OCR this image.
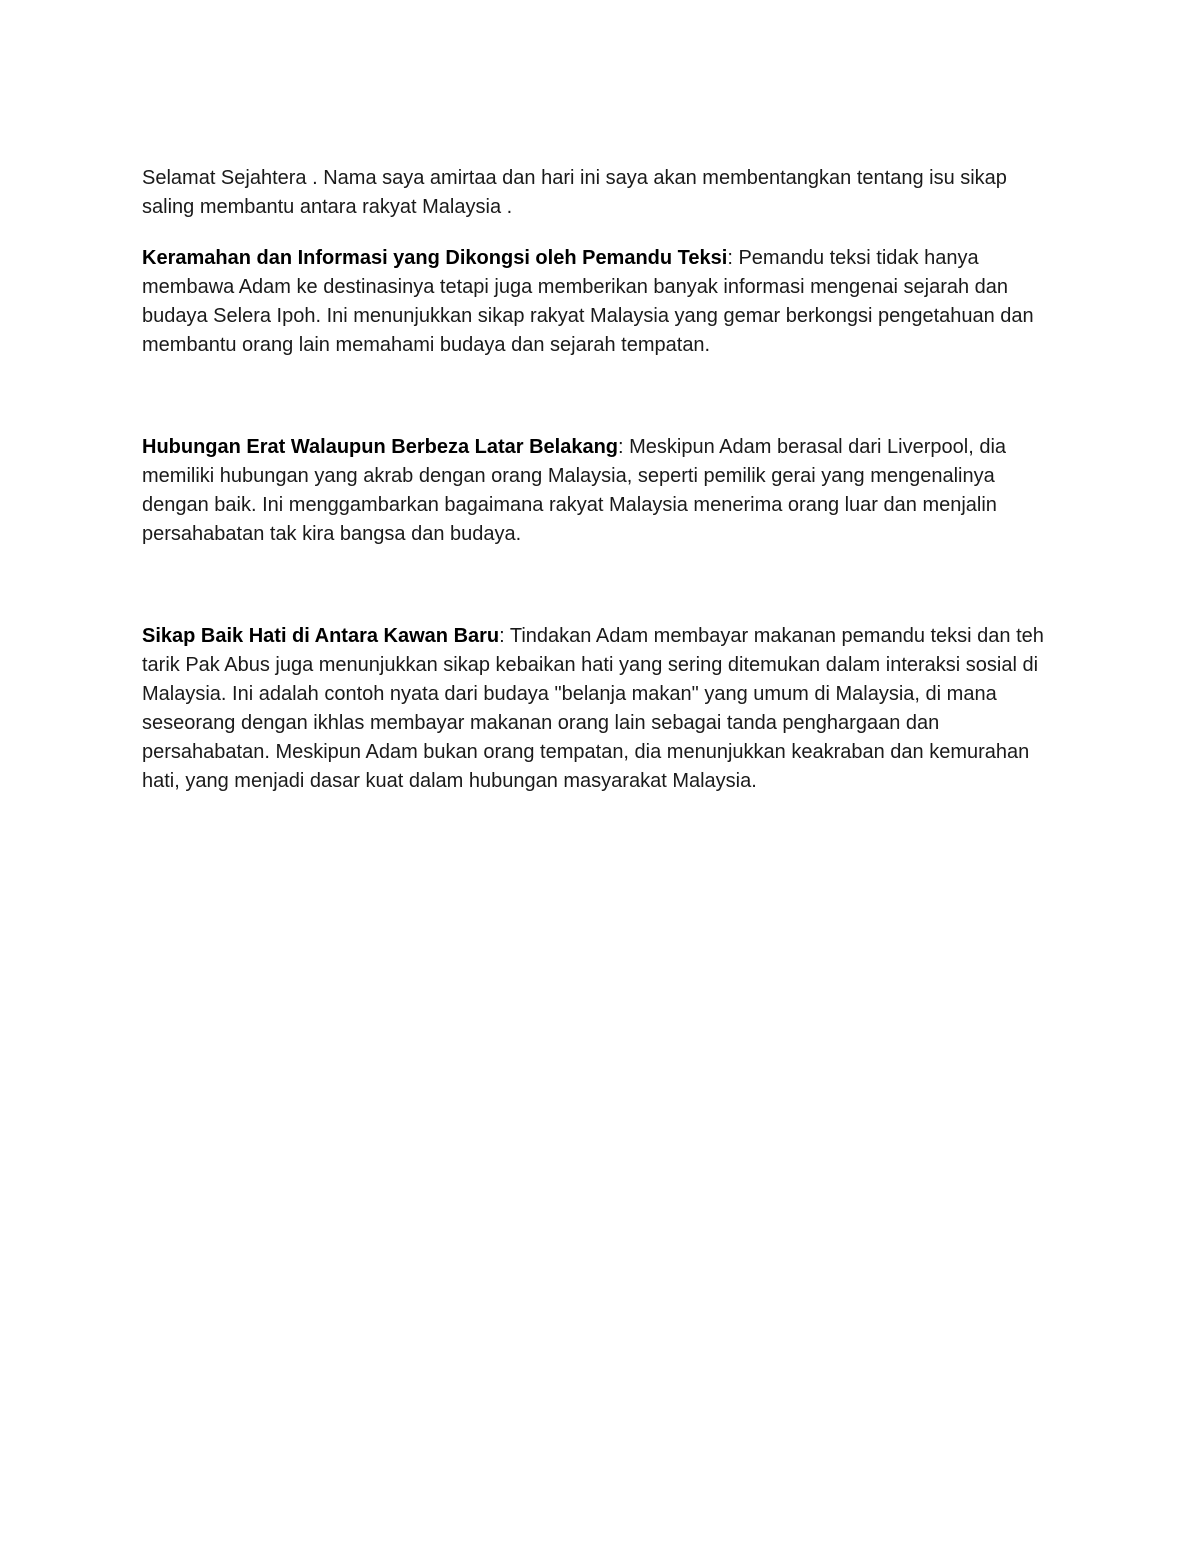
Selamat Sejahtera . Nama saya amirtaa dan hari ini saya akan membentangkan tentang isu sikap saling membantu antara rakyat Malaysia .

Keramahan dan Informasi yang Dikongsi oleh Pemandu Teksi: Pemandu teksi tidak hanya membawa Adam ke destinasinya tetapi juga memberikan banyak informasi mengenai sejarah dan budaya Selera Ipoh. Ini menunjukkan sikap rakyat Malaysia yang gemar berkongsi pengetahuan dan membantu orang lain memahami budaya dan sejarah tempatan.

Hubungan Erat Walaupun Berbeza Latar Belakang: Meskipun Adam berasal dari Liverpool, dia memiliki hubungan yang akrab dengan orang Malaysia, seperti pemilik gerai yang mengenalinya dengan baik. Ini menggambarkan bagaimana rakyat Malaysia menerima orang luar dan menjalin persahabatan tak kira bangsa dan budaya.

Sikap Baik Hati di Antara Kawan Baru: Tindakan Adam membayar makanan pemandu teksi dan teh tarik Pak Abus juga menunjukkan sikap kebaikan hati yang sering ditemukan dalam interaksi sosial di Malaysia. Ini adalah contoh nyata dari budaya "belanja makan" yang umum di Malaysia, di mana seseorang dengan ikhlas membayar makanan orang lain sebagai tanda penghargaan dan persahabatan. Meskipun Adam bukan orang tempatan, dia menunjukkan keakraban dan kemurahan hati, yang menjadi dasar kuat dalam hubungan masyarakat Malaysia.
